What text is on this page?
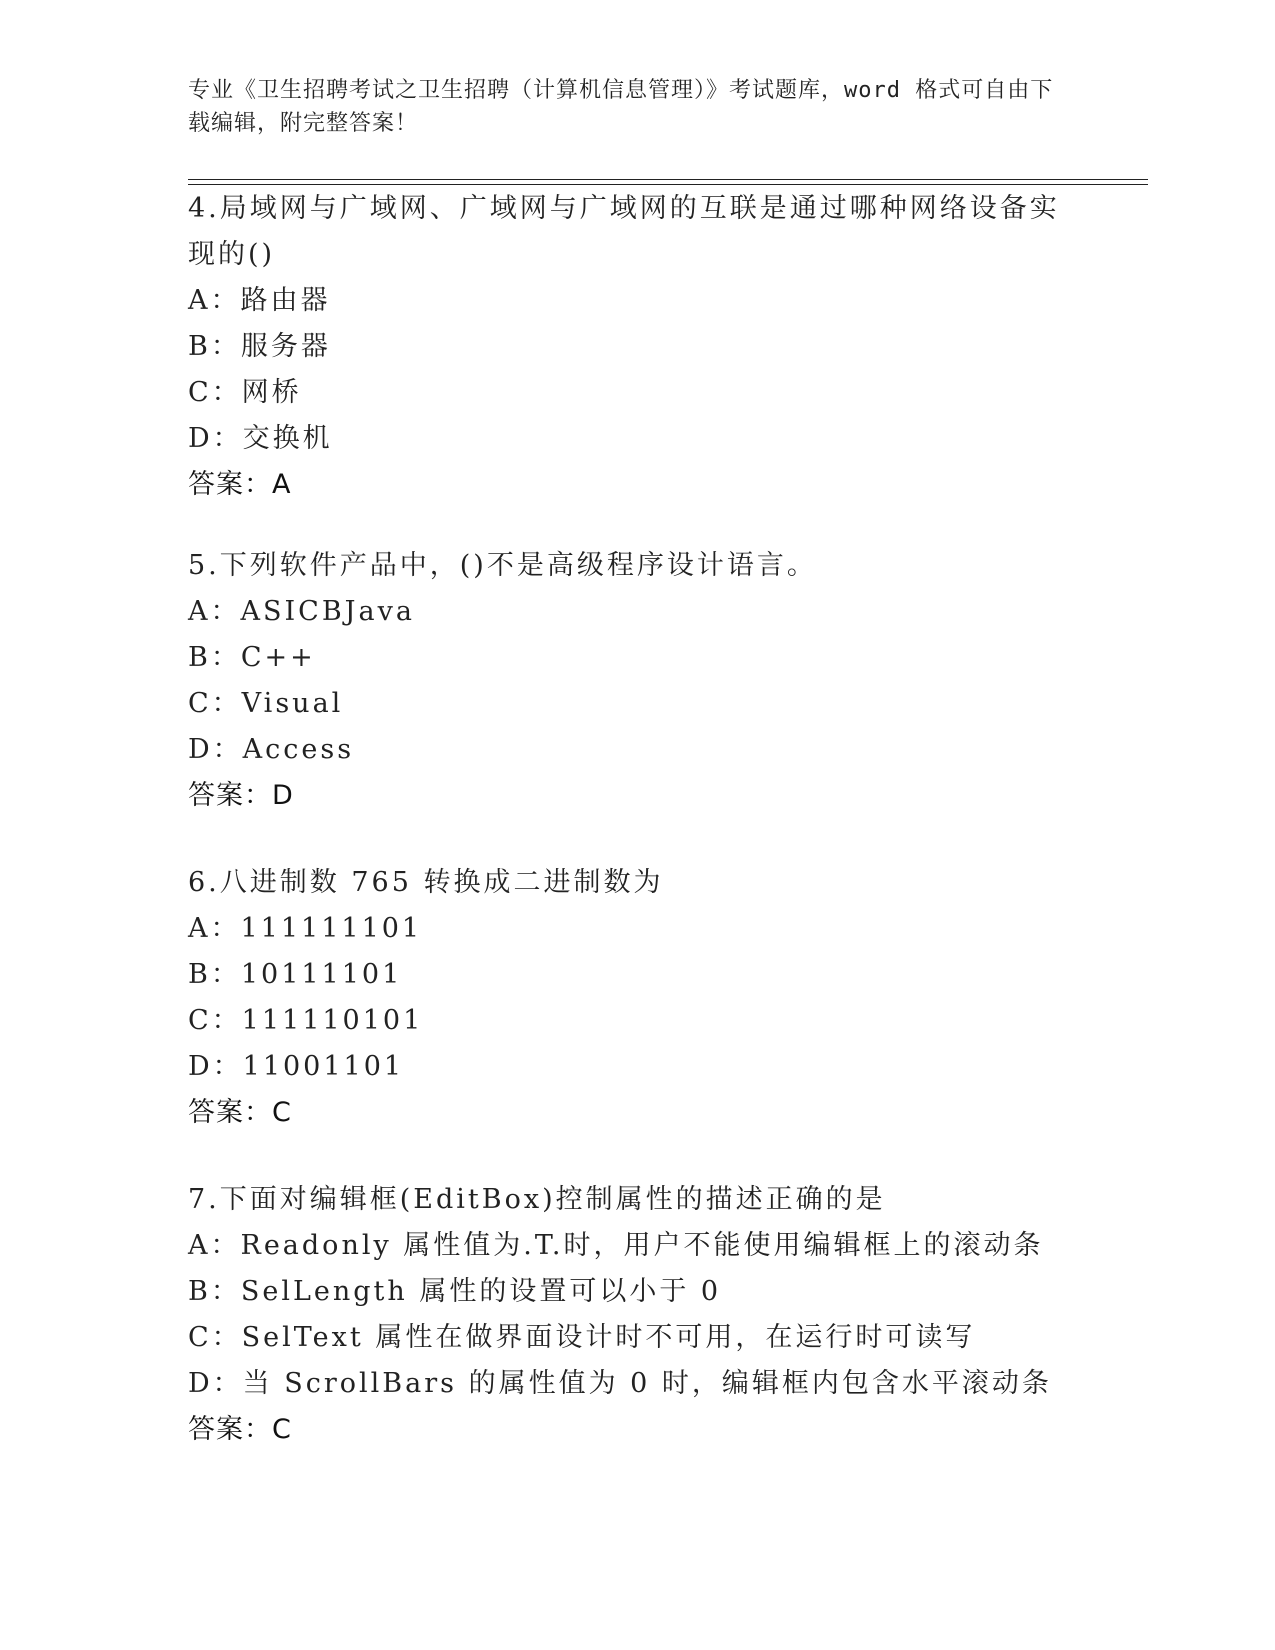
专业《卫生招聘考试之卫生招聘（计算机信息管理）》考试题库，word 格式可自由下载编辑，附完整答案！
4.局域网与广域网、广域网与广域网的互联是通过哪种网络设备实现的()
A：路由器
B：服务器
C：网桥
D：交换机
答案：A
5.下列软件产品中，()不是高级程序设计语言。
A：ASICBJava
B：C++
C：Visual
D：Access
答案：D
6.八进制数 765 转换成二进制数为
A：111111101
B：10111101
C：111110101
D：11001101
答案：C
7.下面对编辑框(EditBox)控制属性的描述正确的是
A：Readonly 属性值为.T.时，用户不能使用编辑框上的滚动条
B：SelLength 属性的设置可以小于 0
C：SelText 属性在做界面设计时不可用，在运行时可读写
D：当 ScrollBars 的属性值为 0 时，编辑框内包含水平滚动条
答案：C
